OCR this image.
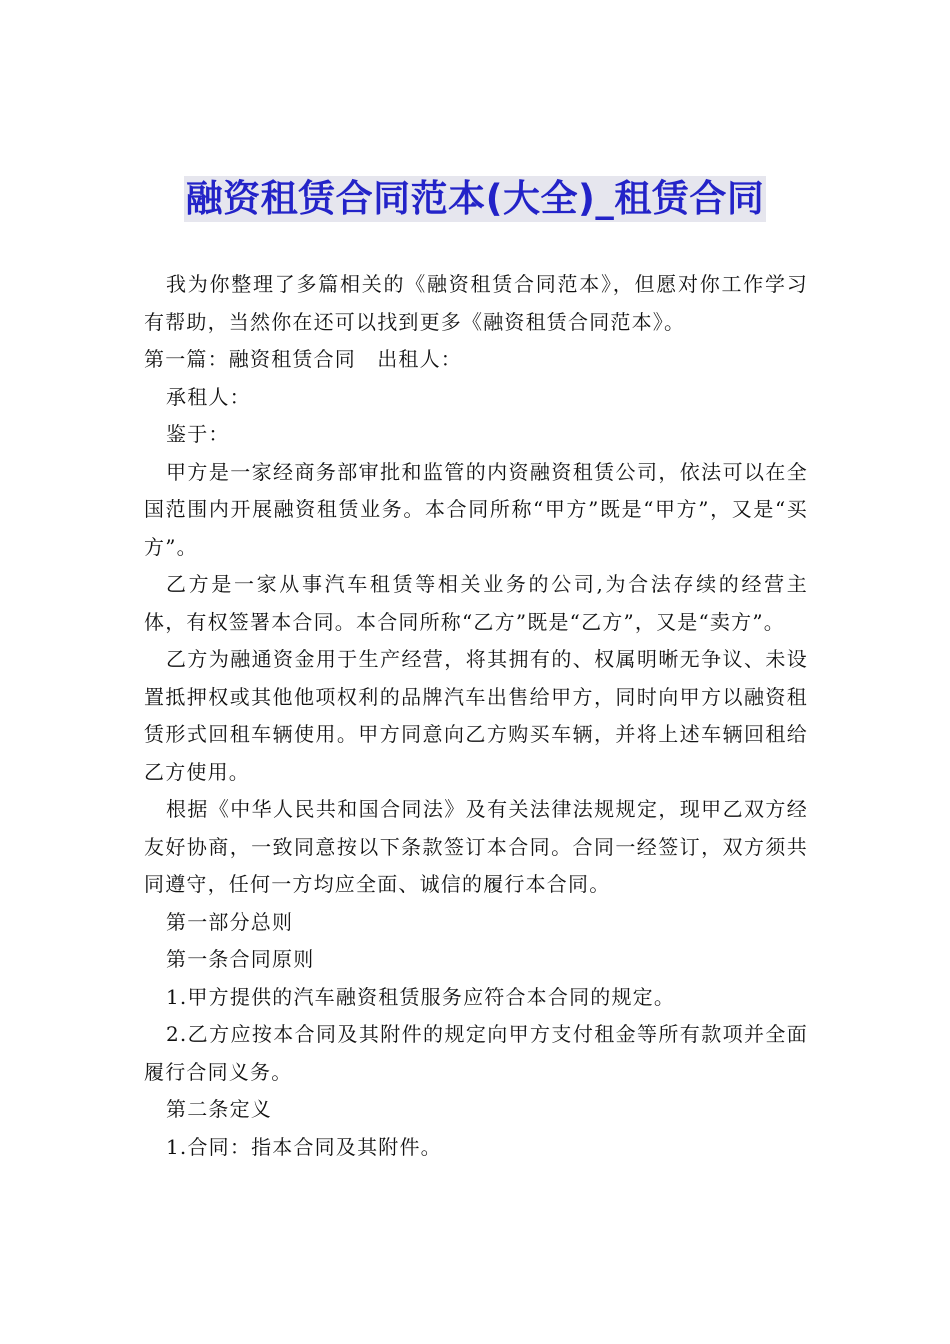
融资租赁合同范本(大全)_租赁合同

我为你整理了多篇相关的《融资租赁合同范本》，但愿对你工作学习有帮助，当然你在还可以找到更多《融资租赁合同范本》。

第一篇：融资租赁合同　出租人：

承租人：

鉴于：

甲方是一家经商务部审批和监管的内资融资租赁公司，依法可以在全国范围内开展融资租赁业务。本合同所称“甲方”既是“甲方”，又是“买方”。

乙方是一家从事汽车租赁等相关业务的公司,为合法存续的经营主体，有权签署本合同。本合同所称“乙方”既是“乙方”，又是“卖方”。

乙方为融通资金用于生产经营，将其拥有的、权属明晰无争议、未设置抵押权或其他他项权利的品牌汽车出售给甲方，同时向甲方以融资租赁形式回租车辆使用。甲方同意向乙方购买车辆，并将上述车辆回租给乙方使用。

根据《中华人民共和国合同法》及有关法律法规规定，现甲乙双方经友好协商，一致同意按以下条款签订本合同。合同一经签订，双方须共同遵守，任何一方均应全面、诚信的履行本合同。

第一部分总则

第一条合同原则

1.甲方提供的汽车融资租赁服务应符合本合同的规定。

2.乙方应按本合同及其附件的规定向甲方支付租金等所有款项并全面履行合同义务。

第二条定义

1.合同：指本合同及其附件。
